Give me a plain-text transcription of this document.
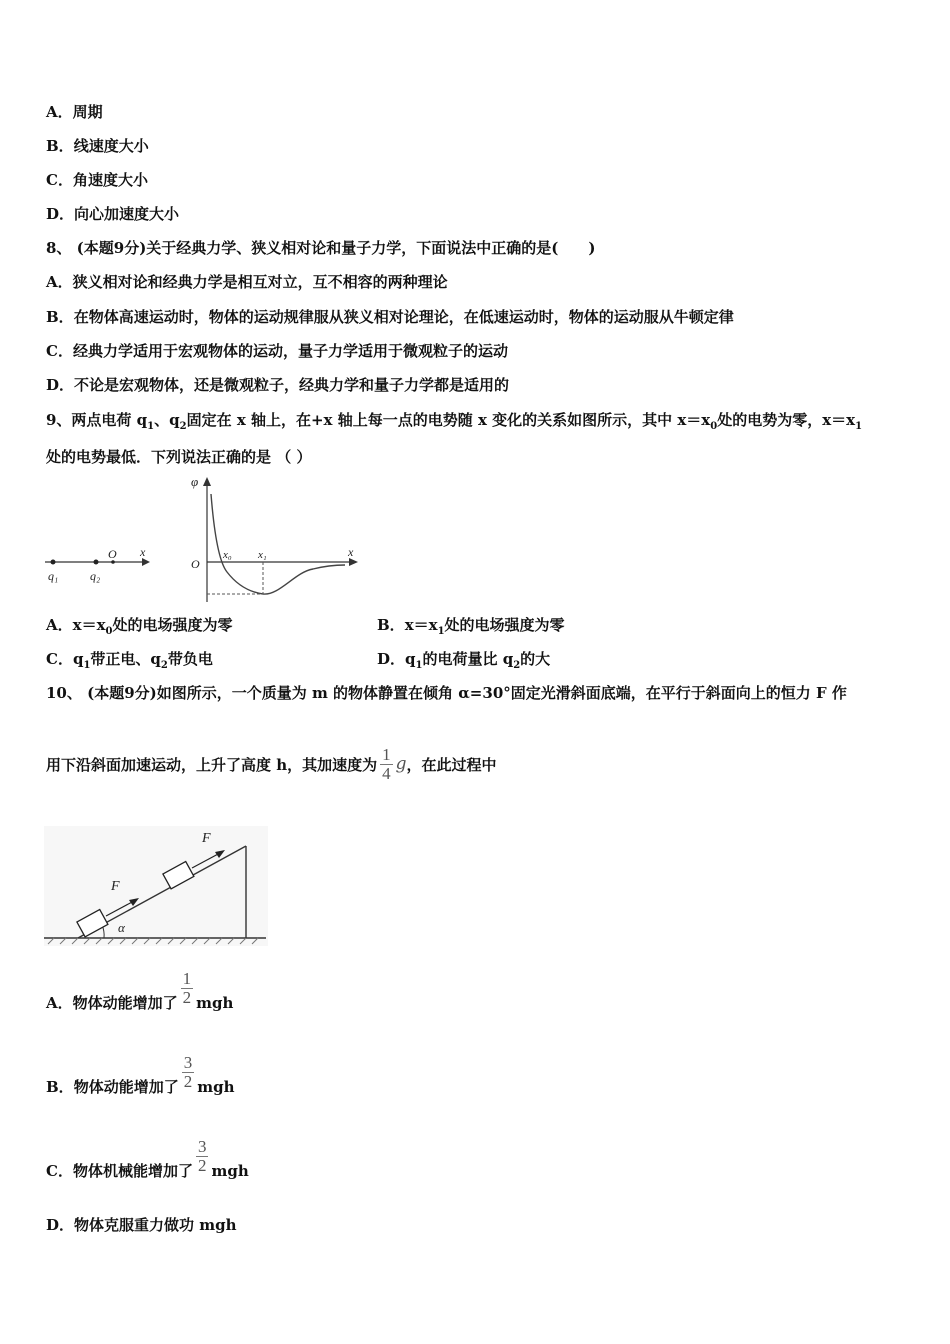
A．周期
B．线速度大小
C．角速度大小
D．向心加速度大小
8、 (本题9分)关于经典力学、狭义相对论和量子力学，下面说法中正确的是(　　)
A．狭义相对论和经典力学是相互对立，互不相容的两种理论
B．在物体高速运动时，物体的运动规律服从狭义相对论理论，在低速运动时，物体的运动服从牛顿定律
C．经典力学适用于宏观物体的运动，量子力学适用于微观粒子的运动
D．不论是宏观物体，还是微观粒子，经典力学和量子力学都是适用的
9、两点电荷 $q_1$、$q_2$固定在 x 轴上，在+x 轴上每一点的电势随 x 变化的关系如图所示，其中 $x=x_0$处的电势为零，$x=x_1$
处的电势最低．下列说法正确的是 （ ）
q₁	q₂
O x
φ
O
x₀ x₁	x
A．$x=x_0$处的电场强度为零	B．$x=x_1$处的电场强度为零
C．$q_1$带正电、$q_2$带负电	D．$q_1$的电荷量比 $q_2$的大
10、 (本题9分)如图所示，一个质量为 m 的物体静置在倾角 α=30°固定光滑斜面底端，在平行于斜面向上的恒力 F 作
用下沿斜面加速运动，上升了高度 h，其加速度为 $\frac{1}{4}$ g，在此过程中
F
F
α
A．物体动能增加了 $\frac{1}{2}$ mgh
B．物体动能增加了 $\frac{3}{2}$ mgh
C．物体机械能增加了 $\frac{3}{2}$ mgh
D．物体克服重力做功 mgh
